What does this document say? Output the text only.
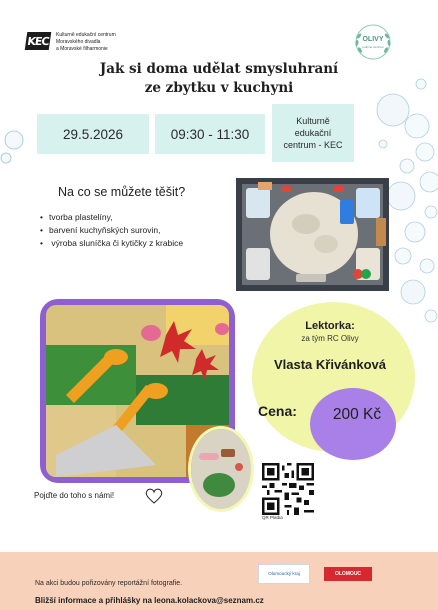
KEC	Kulturně edukační centrum
Moravského divadla
a Moravské filharmonie
OLIVY
rodinné centrum
Jak si doma udělat smysluhraní
ze zbytku v kuchyni
29.5.2026	09:30 - 11:30
Kulturně
edukační
centrum - KEC
Na co se můžete těšit?
• tvorba plastelíny,
• barvení kuchyňských surovin,
• výroba sluníčka či kytičky z krabice
Lektorka:
za tým RC Olivy
Vlasta Křivánková
Cena:	200 Kč
QR Platba
Pojďte do toho s námi!
Na akci budou pořizovány reportážní fotografie.
Bližší informace a přihlášky na leona.kolackova@seznam.cz
Olomoucký kraj	OLOMOUC
